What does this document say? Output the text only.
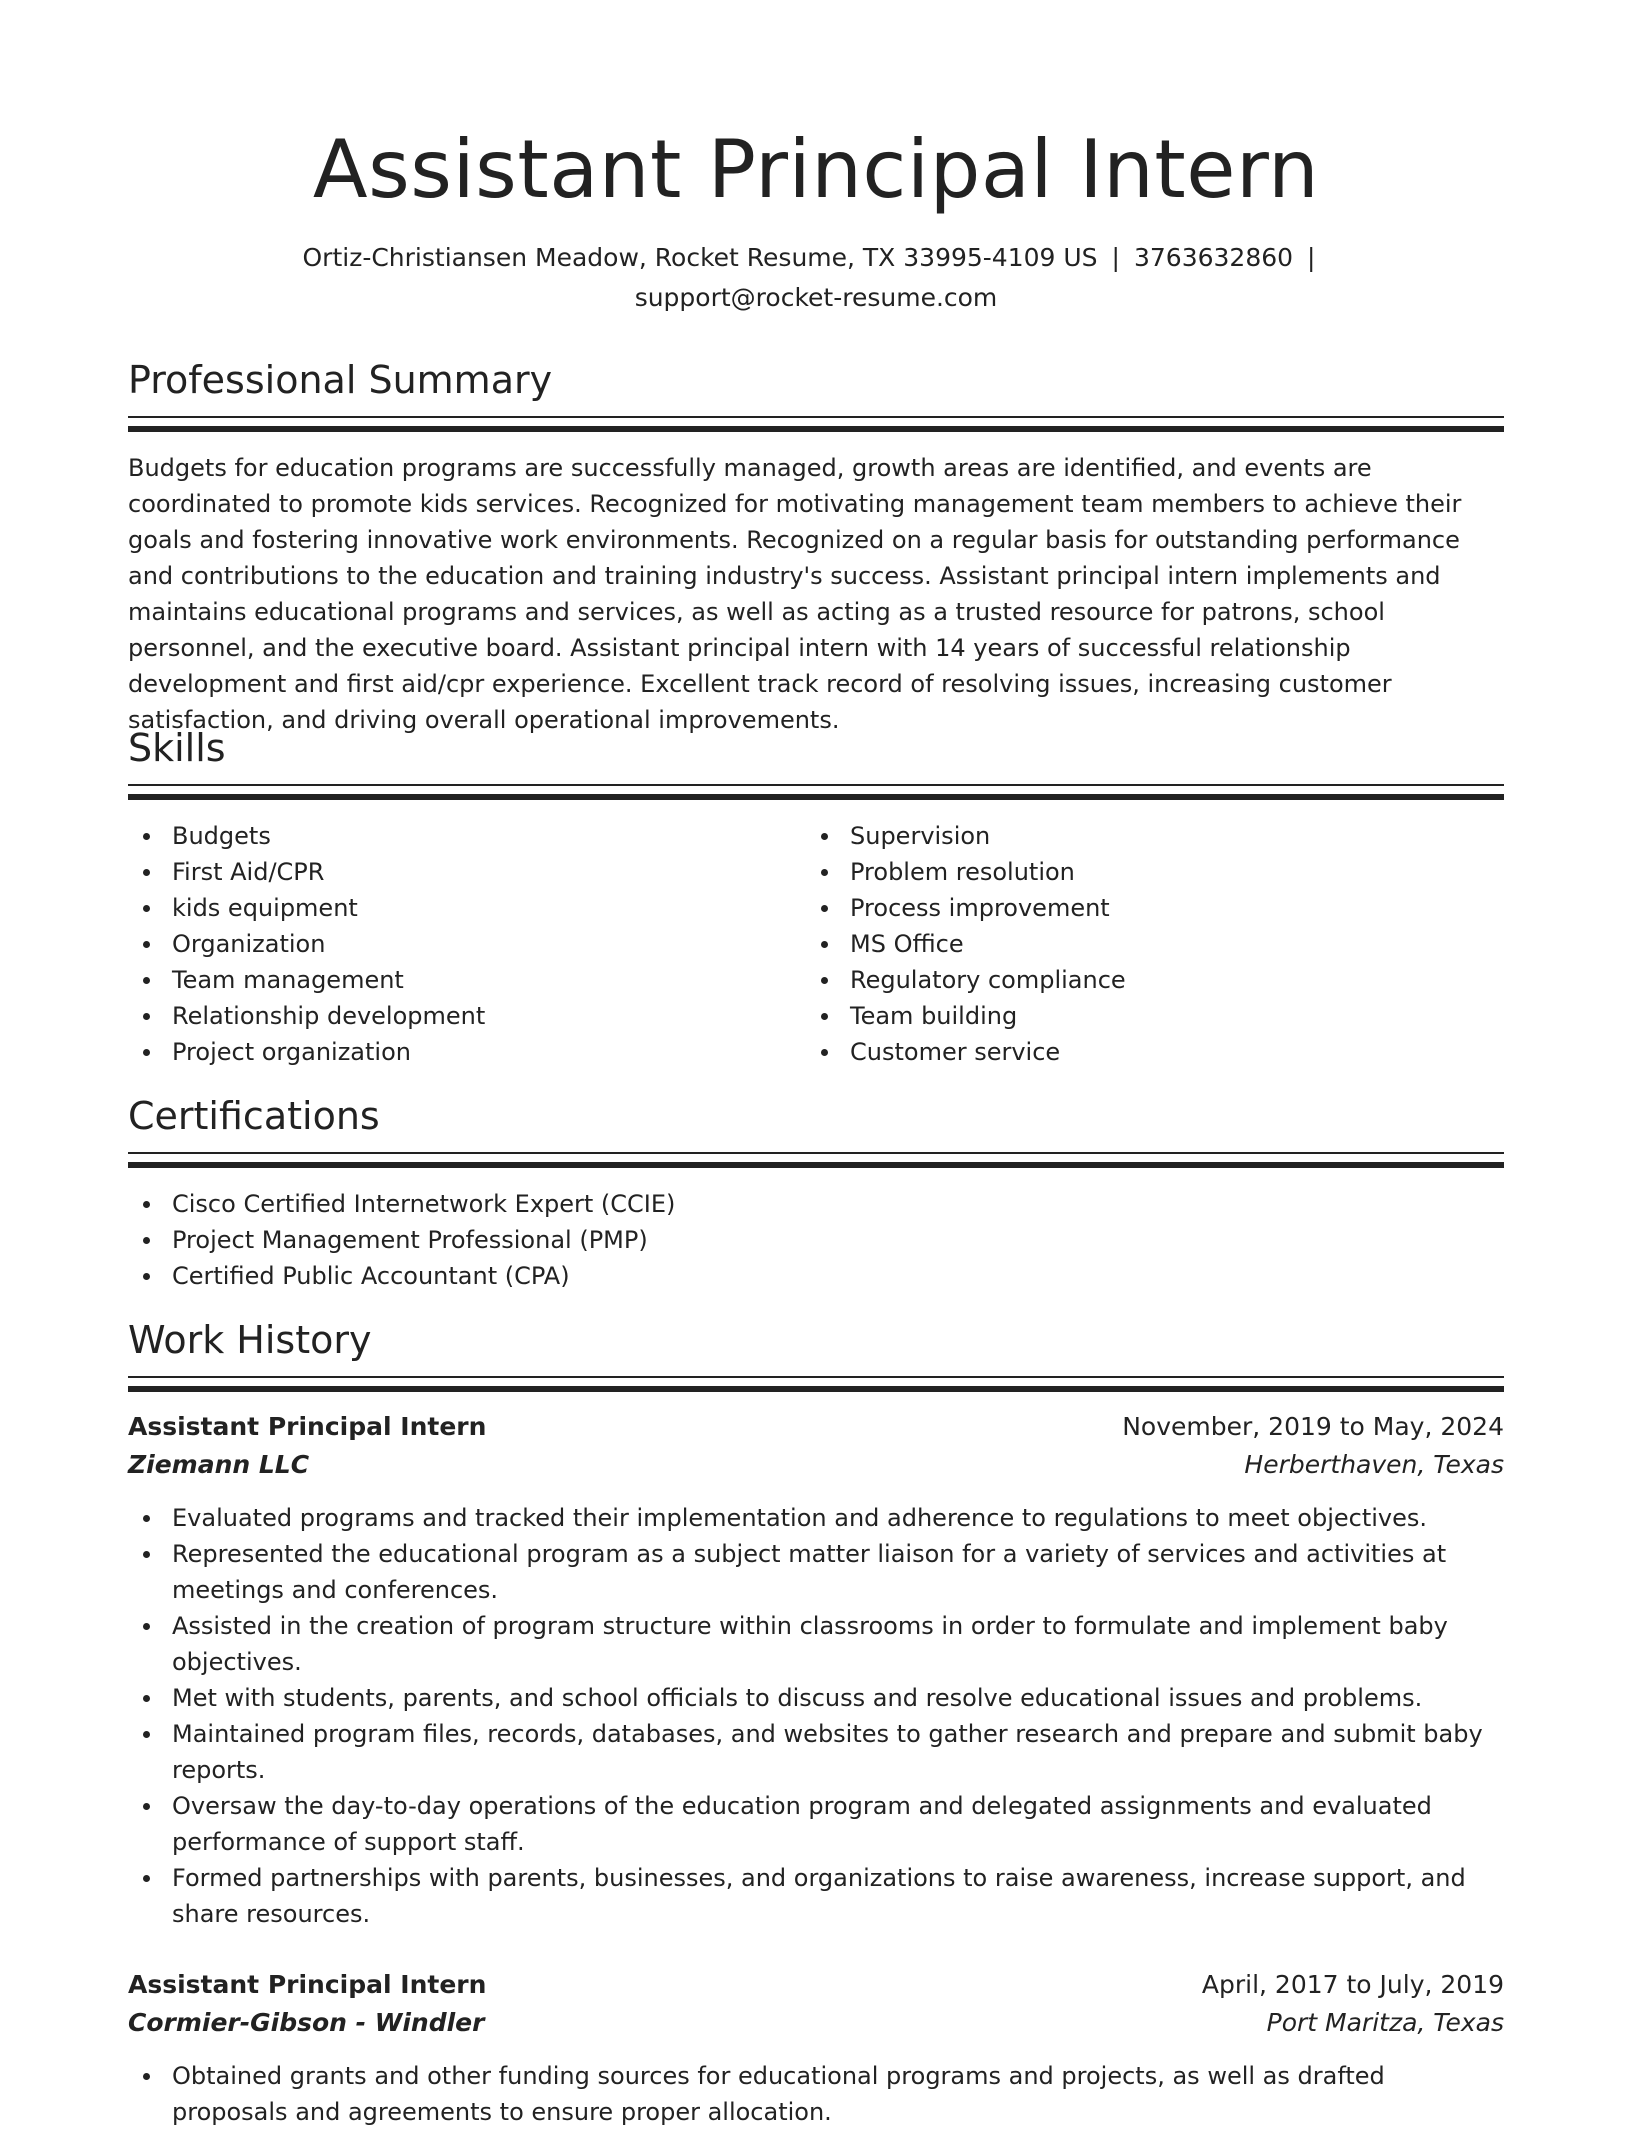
Assistant Principal Intern
Ortiz-Christiansen Meadow, Rocket Resume, TX 33995-4109 US | 3763632860 |
support@rocket-resume.com
Professional Summary

Budgets for education programs are successfully managed, growth areas are identified, and events are coordinated to promote kids services. Recognized for motivating management team members to achieve their goals and fostering innovative work environments. Recognized on a regular basis for outstanding performance and contributions to the education and training industry's success. Assistant principal intern implements and maintains educational programs and services, as well as acting as a trusted resource for patrons, school personnel, and the executive board. Assistant principal intern with 14 years of successful relationship development and first aid/cpr experience. Excellent track record of resolving issues, increasing customer satisfaction, and driving overall operational improvements.

Skills
Budgets
First Aid/CPR
kids equipment
Organization
Team management
Relationship development
Project organization
Supervision
Problem resolution
Process improvement
MS Office
Regulatory compliance
Team building
Customer service
Certifications
Cisco Certified Internetwork Expert (CCIE)
Project Management Professional (PMP)
Certified Public Accountant (CPA)
Work History
Assistant Principal Intern	November, 2019 to May, 2024
Ziemann LLC	Herberthaven, Texas
Evaluated programs and tracked their implementation and adherence to regulations to meet objectives.
Represented the educational program as a subject matter liaison for a variety of services and activities at meetings and conferences.
Assisted in the creation of program structure within classrooms in order to formulate and implement baby objectives.
Met with students, parents, and school officials to discuss and resolve educational issues and problems.
Maintained program files, records, databases, and websites to gather research and prepare and submit baby reports.
Oversaw the day-to-day operations of the education program and delegated assignments and evaluated performance of support staff.
Formed partnerships with parents, businesses, and organizations to raise awareness, increase support, and share resources.
Assistant Principal Intern	April, 2017 to July, 2019
Cormier-Gibson - Windler	Port Maritza, Texas
Obtained grants and other funding sources for educational programs and projects, as well as drafted proposals and agreements to ensure proper allocation.
